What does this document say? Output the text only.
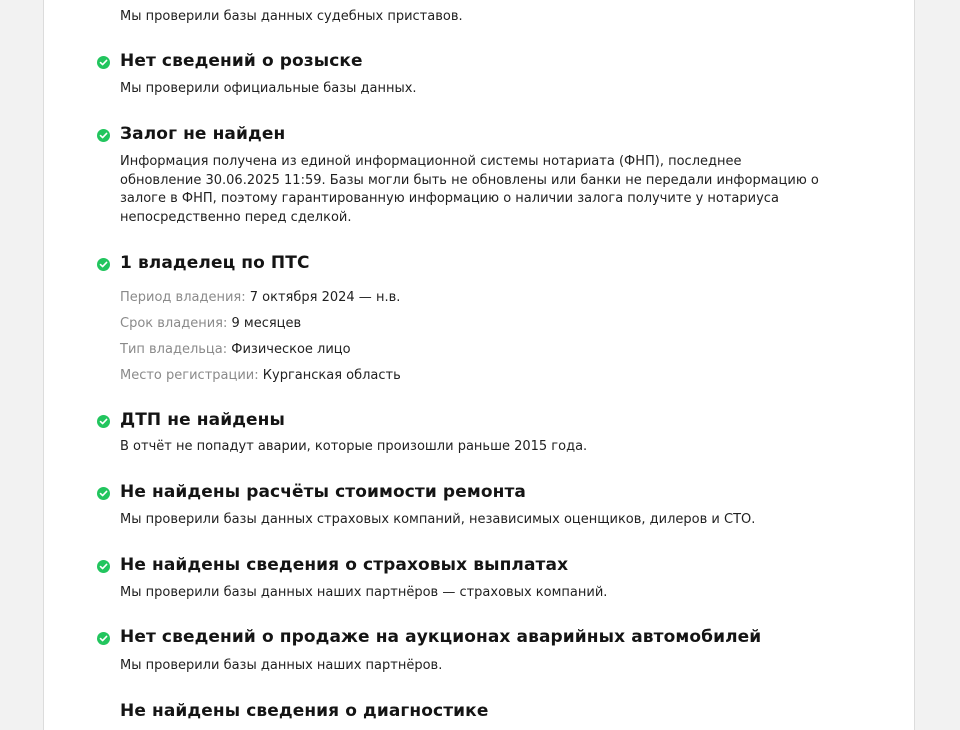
Мы проверили базы данных судебных приставов.
Нет сведений о розыске
Мы проверили официальные базы данных.
Залог не найден
Информация получена из единой информационной системы нотариата (ФНП), последнее
обновление 30.06.2025 11:59. Базы могли быть не обновлены или банки не передали информацию о
залоге в ФНП, поэтому гарантированную информацию о наличии залога получите у нотариуса
непосредственно перед сделкой.
1 владелец по ПТС
Период владения: 7 октября 2024 — н.в.
Срок владения: 9 месяцев
Тип владельца: Физическое лицо
Место регистрации: Курганская область
ДТП не найдены
В отчёт не попадут аварии, которые произошли раньше 2015 года.
Не найдены расчёты стоимости ремонта
Мы проверили базы данных страховых компаний, независимых оценщиков, дилеров и СТО.
Не найдены сведения о страховых выплатах
Мы проверили базы данных наших партнёров — страховых компаний.
Нет сведений о продаже на аукционах аварийных автомобилей
Мы проверили базы данных наших партнёров.
Не найдены сведения о диагностике
